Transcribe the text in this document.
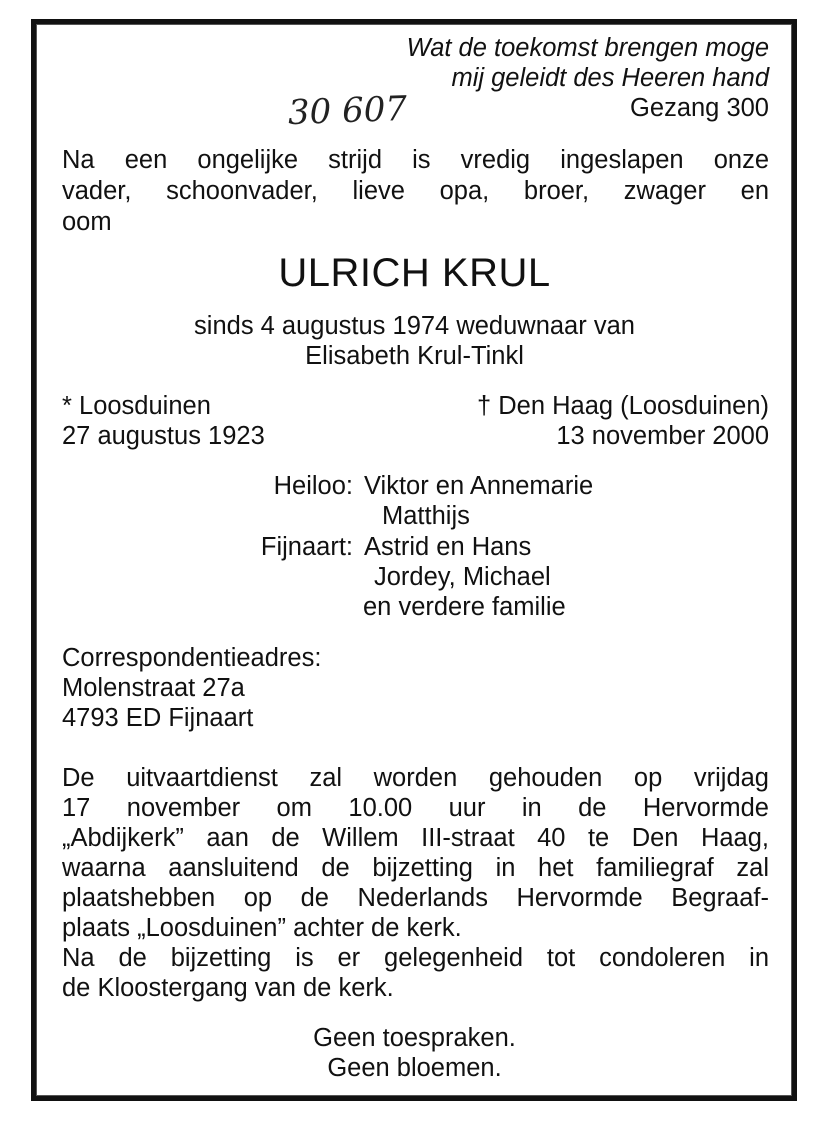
Wat de toekomst brengen moge
mij geleidt des Heeren hand
Gezang 300
30 607
Na een ongelijke strijd is vredig ingeslapen onze
vader, schoonvader, lieve opa, broer, zwager en
oom
ULRICH KRUL
sinds 4 augustus 1974 weduwnaar van
Elisabeth Krul-Tinkl
* Loosduinen
27 augustus 1923
† Den Haag (Loosduinen)
13 november 2000
Heiloo: Viktor en Annemarie
Matthijs
Fijnaart: Astrid en Hans
Jordey, Michael
en verdere familie
Correspondentieadres:
Molenstraat 27a
4793 ED Fijnaart
De uitvaartdienst zal worden gehouden op vrijdag
17 november om 10.00 uur in de Hervormde
„Abdijkerk” aan de Willem III-straat 40 te Den Haag,
waarna aansluitend de bijzetting in het familiegraf zal
plaatshebben op de Nederlands Hervormde Begraaf-
plaats „Loosduinen” achter de kerk.
Na de bijzetting is er gelegenheid tot condoleren in
de Kloostergang van de kerk.
Geen toespraken.
Geen bloemen.
